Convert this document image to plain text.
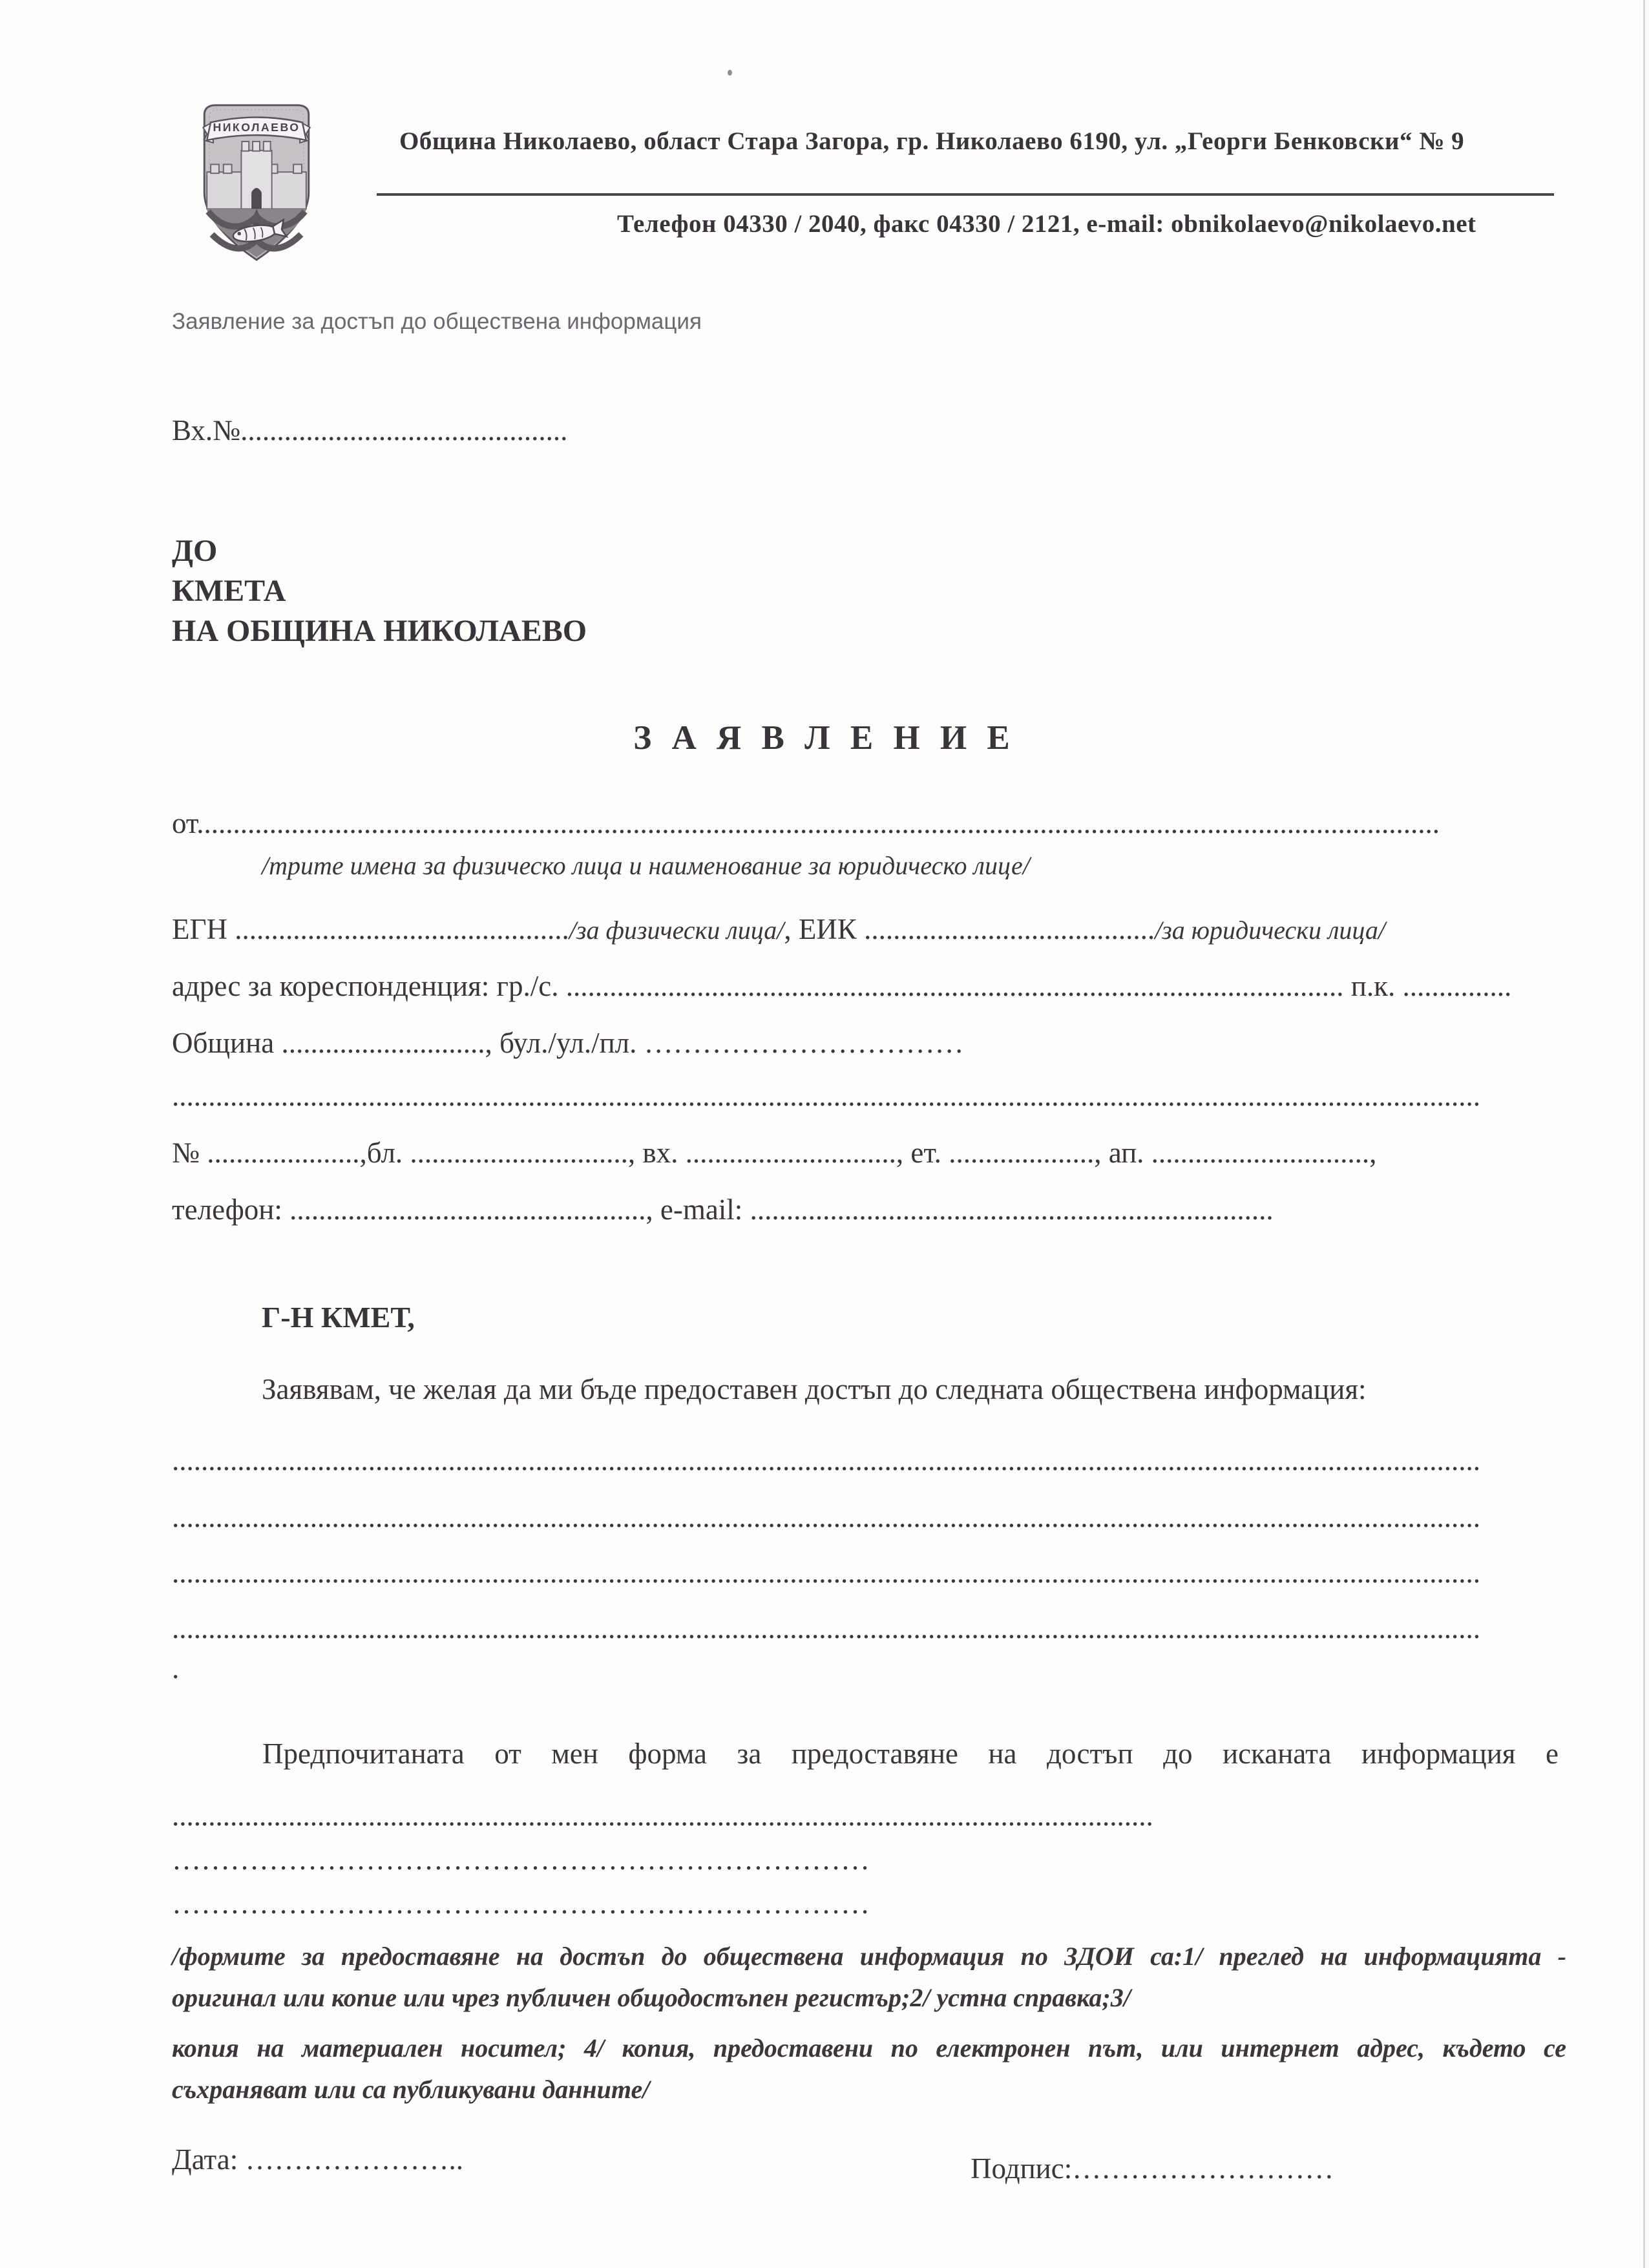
НИКОЛАЕВО	Община Николаево, област Стара Загора, гр. Николаево 6190, ул. „Георги Бенковски“ № 9
Телефон 04330 / 2040, факс 04330 / 2121, e-mail: obnikolaevo@nikolaevo.net
Заявление за достъп до обществена информация
Вх.№.............................................
ДО
КМЕТА
НА ОБЩИНА НИКОЛАЕВО
З А Я В Л Е Н И Е
от...........................................................................................................................................................................
/трите имена за физическо лица и наименование за юридическо лице/
ЕГН ............................................../за физически лица/, ЕИК ......................................../за юридически лица/
адрес за кореспонденция: гр./с. ........................................................................................................... п.к. ...............
Община ............................, бул./ул./пл. ……………………………
....................................................................................................................................................................................
№ .....................,бл. .............................., вх. ............................., ет. ...................., ап. ..............................,
телефон: ................................................., e-mail: ........................................................................
Г-Н КМЕТ,
Заявявам, че желая да ми бъде предоставен достъп до следната обществена информация:
....................................................................................................................................................................................
....................................................................................................................................................................................
....................................................................................................................................................................................
....................................................................................................................................................................................
.
Предпочитаната от мен форма за предоставяне на достъп до исканата информация е
.......................................................................................................................................
………………………………………………………………
………………………………………………………………
/формите за предоставяне на достъп до обществена информация по ЗДОИ са:1/ преглед на информацията -
оригинал или копие или чрез публичен общодостъпен регистър;2/ устна справка;3/
копия на материален носител; 4/ копия, предоставени по електронен път, или интернет адрес, където се
съхраняват или са публикувани данните/
Дата: …………………..	Подпис:………………………
